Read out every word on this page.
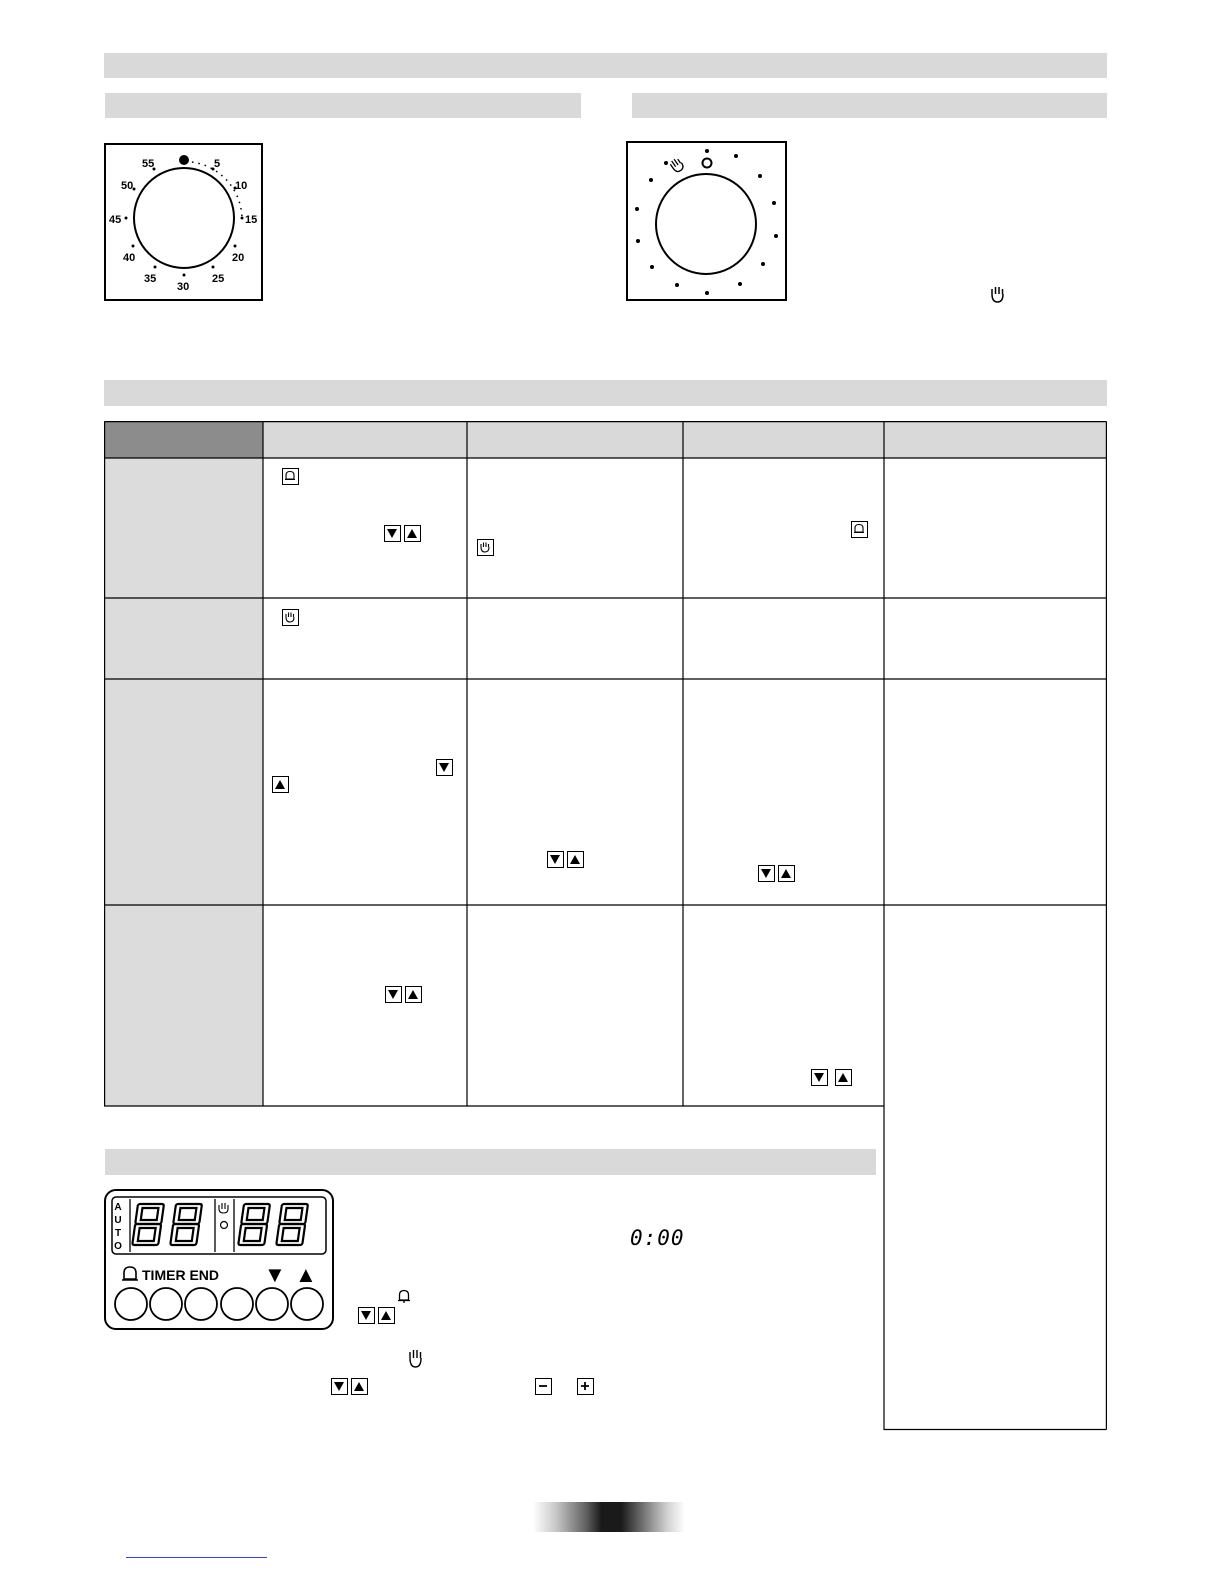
55	5
10
15
20
25
30
35
40
45
50
A
U
T
O
TIMER END ▼ ▲
0:00
